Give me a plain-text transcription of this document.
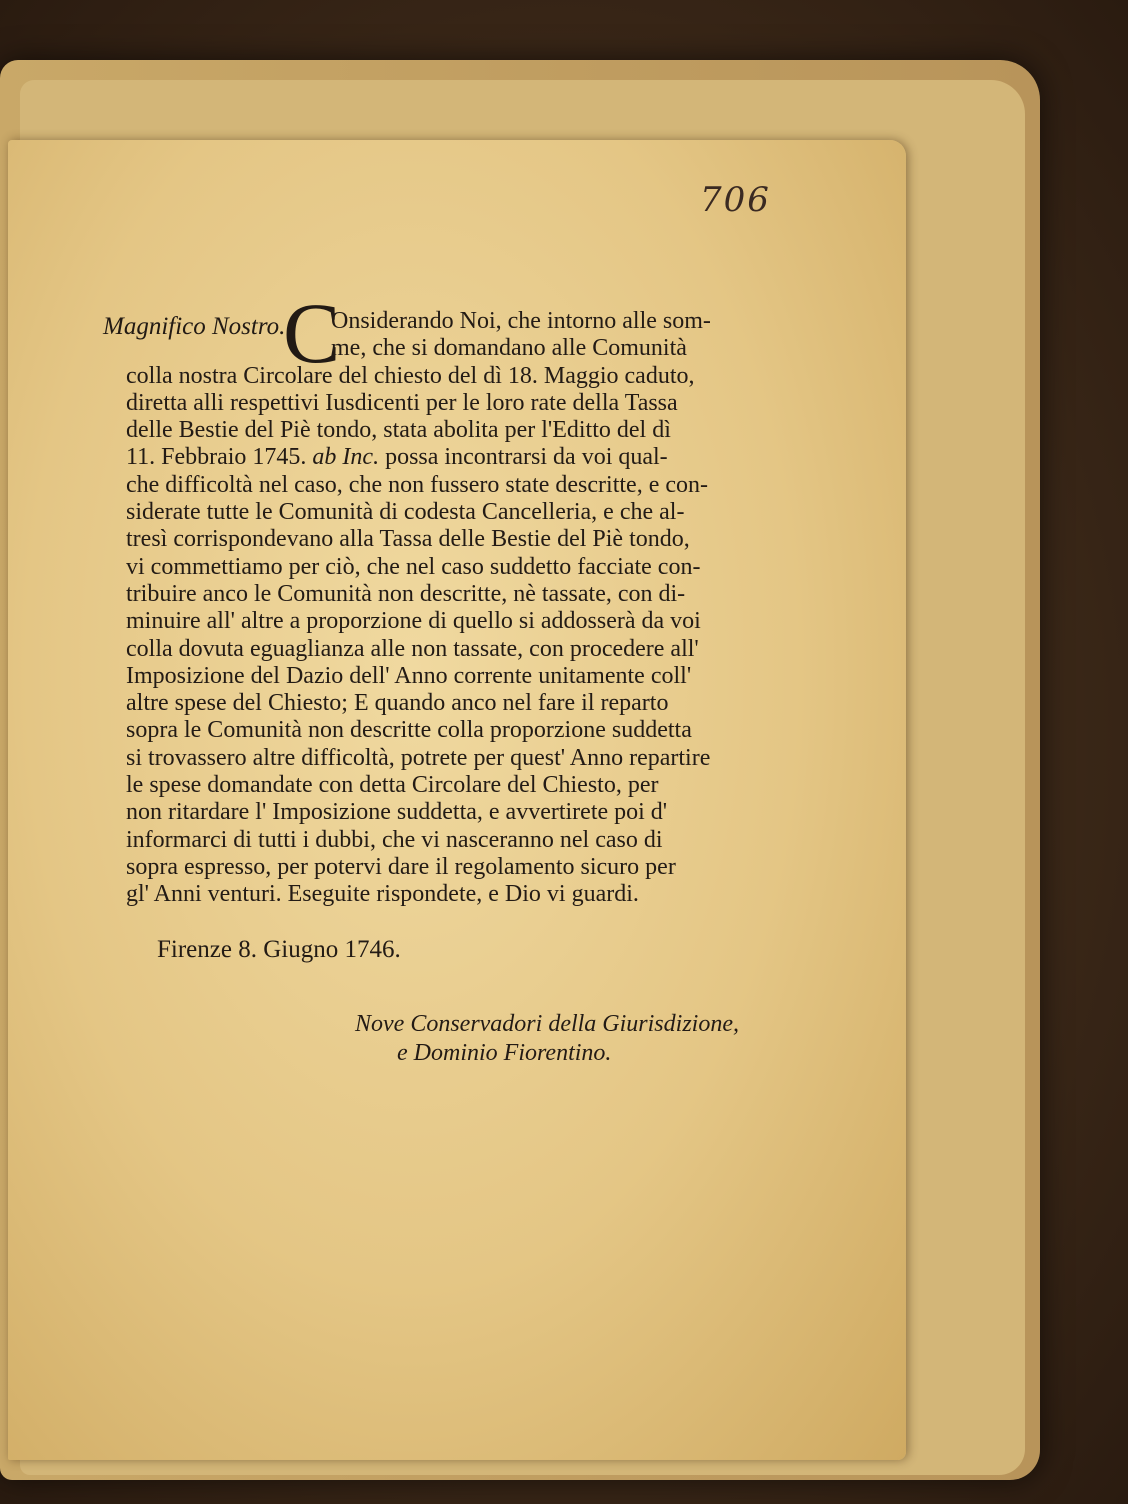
706
Magnifico Nostro.
C
Onsiderando Noi, che intorno alle som-
me, che si domandano alle Comunità
colla nostra Circolare del chiesto del dì 18. Maggio caduto,
diretta alli respettivi Iusdicenti per le loro rate della Tassa
delle Bestie del Piè tondo, stata abolita per l'Editto del dì
11. Febbraio 1745. ab Inc. possa incontrarsi da voi qual-
che difficoltà nel caso, che non fussero state descritte, e con-
siderate tutte le Comunità di codesta Cancelleria, e che al-
tresì corrispondevano alla Tassa delle Bestie del Piè tondo,
vi commettiamo per ciò, che nel caso suddetto facciate con-
tribuire anco le Comunità non descritte, nè tassate, con di-
minuire all' altre a proporzione di quello si addosserà da voi
colla dovuta eguaglianza alle non tassate, con procedere all'
Imposizione del Dazio dell' Anno corrente unitamente coll'
altre spese del Chiesto; E quando anco nel fare il reparto
sopra le Comunità non descritte colla proporzione suddetta
si trovassero altre difficoltà, potrete per quest' Anno repartire
le spese domandate con detta Circolare del Chiesto, per
non ritardare l' Imposizione suddetta, e avvertirete poi d'
informarci di tutti i dubbi, che vi nasceranno nel caso di
sopra espresso, per potervi dare il regolamento sicuro per
gl' Anni venturi. Eseguite rispondete, e Dio vi guardi.
Firenze 8. Giugno 1746.
Nove Conservadori della Giurisdizione,
e Dominio Fiorentino.
